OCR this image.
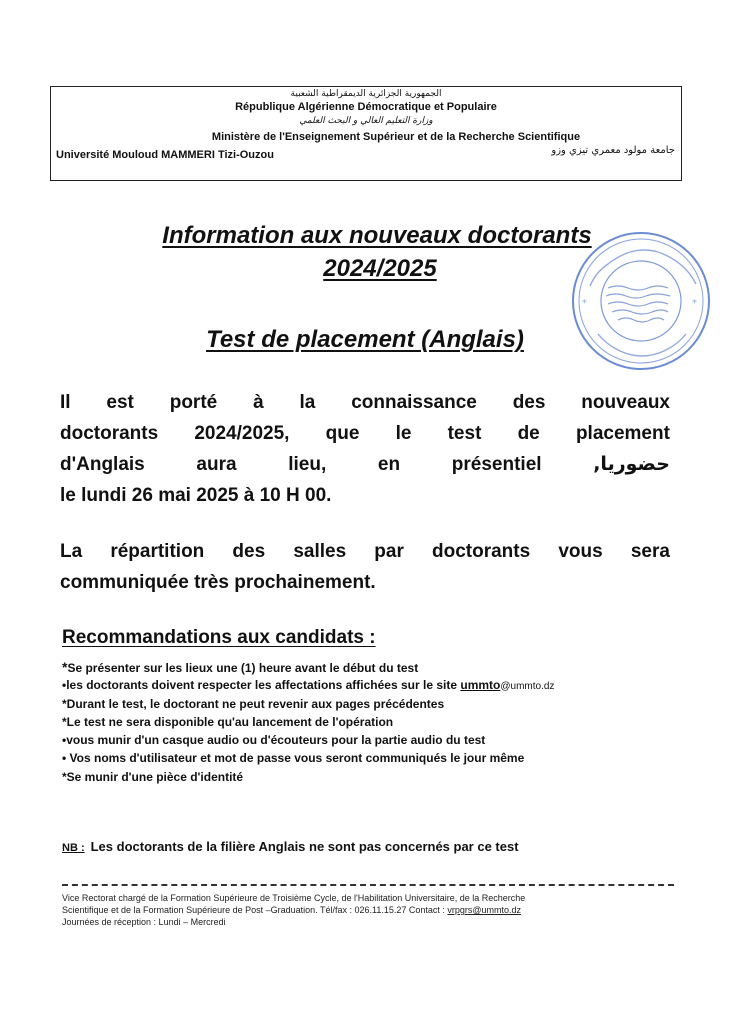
الجمهورية الجزائرية الديمقراطية الشعبية
République Algérienne Démocratique et Populaire
وزارة التعليم العالي و البحث العلمي
Ministère de l'Enseignement Supérieur et de la Recherche Scientifique
Université Mouloud MAMMERI Tizi-Ouzou	جامعة مولود معمري تيزي وزو
Information aux nouveaux doctorants
2024/2025
Test de placement (Anglais)
*	*
Il est porté à la connaissance des nouveaux
doctorants 2024/2025, que le test de placement
d'Anglais	aura	lieu,	en	présentiel	حضوريا,
le lundi 26 mai 2025 à 10 H 00.
La répartition des salles par doctorants vous sera
communiquée très prochainement.
Recommandations aux candidats :
*Se présenter sur les lieux une (1) heure avant le début du test
•les doctorants doivent respecter les affectations affichées sur le site ummto@ummto.dz
*Durant le test, le doctorant ne peut revenir aux pages précédentes
*Le test ne sera disponible qu'au lancement de l'opération
•vous munir d'un casque audio ou d'écouteurs pour la partie audio du test
• Vos noms d'utilisateur et mot de passe vous seront communiqués le jour même
*Se munir d'une pièce d'identité
NB : Les doctorants de la filière Anglais ne sont pas concernés par ce test
Vice Rectorat chargé de la Formation Supérieure de Troisième Cycle, de l'Habilitation Universitaire, de la Recherche
Scientifique et de la Formation Supérieure de Post –Graduation. Tél/fax : 026.11.15.27 Contact : vrpgrs@ummto.dz
Journées de réception : Lundi – Mercredi
